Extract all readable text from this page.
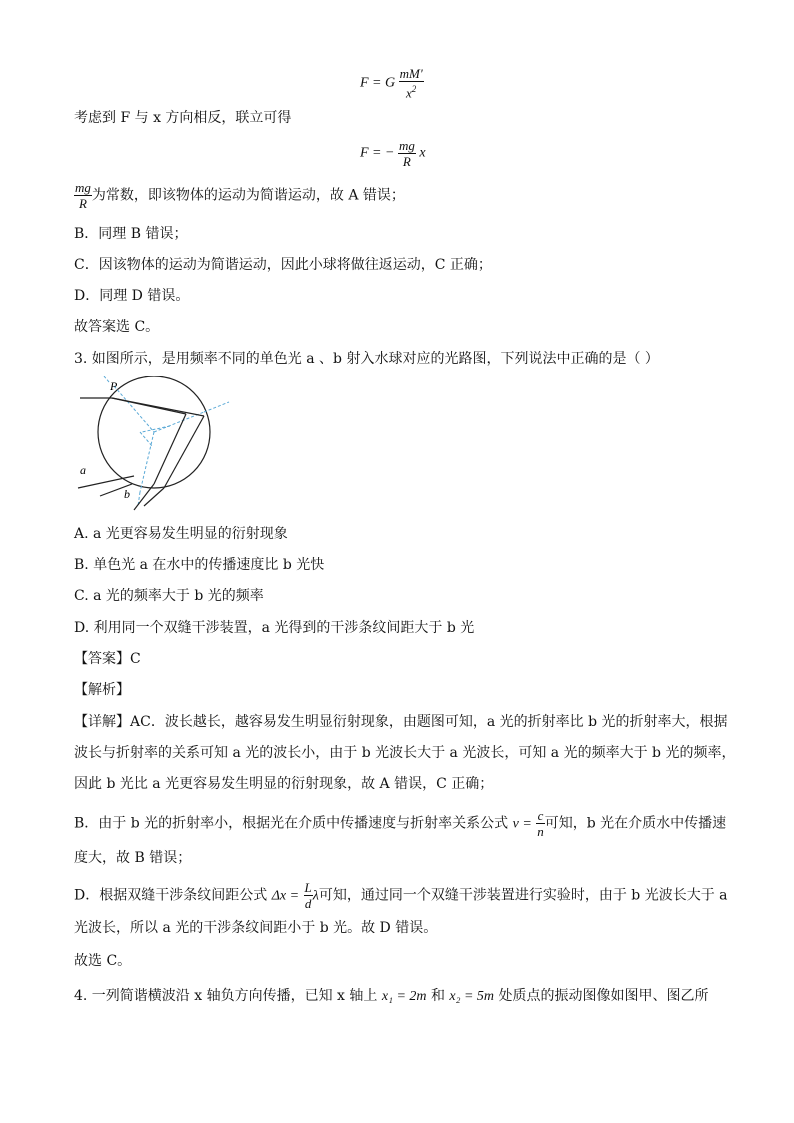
F = G $\frac{mM'}{x^2}$
考虑到 F 与 x 方向相反，联立可得
F = − $\frac{mg}{R}$ x
$\frac{mg}{R}$ 为常数，即该物体的运动为简谐运动，故 A 错误；
B．同理 B 错误；
C．因该物体的运动为简谐运动，因此小球将做往返运动，C 正确；
D．同理 D 错误。
故答案选 C。
3. 如图所示，是用频率不同的单色光 a 、b 射入水球对应的光路图，下列说法中正确的是（ ）
P
a
b
A. a 光更容易发生明显的衍射现象
B. 单色光 a 在水中的传播速度比 b 光快
C. a 光的频率大于 b 光的频率
D. 利用同一个双缝干涉装置，a 光得到的干涉条纹间距大于 b 光
【答案】C
【解析】
【详解】AC．波长越长，越容易发生明显衍射现象，由题图可知，a 光的折射率比 b 光的折射率大，根据
波长与折射率的关系可知 a 光的波长小，由于 b 光波长大于 a 光波长，可知 a 光的频率大于 b 光的频率，
因此 b 光比 a 光更容易发生明显的衍射现象，故 A 错误，C 正确；
B．由于 b 光的折射率小，根据光在介质中传播速度与折射率关系公式 $v = \frac{c}{n}$ 可知，b 光在介质水中传播速
度大，故 B 错误；
D．根据双缝干涉条纹间距公式 $\Delta x = \frac{L}{d}$ λ可知，通过同一个双缝干涉装置进行实验时，由于 b 光波长大于 a
光波长，所以 a 光的干涉条纹间距小于 b 光。故 D 错误。
故选 C。
4. 一列简谐横波沿 x 轴负方向传播，已知 x 轴上 x₁ = 2m 和 x₂ = 5m 处质点的振动图像如图甲、图乙所
